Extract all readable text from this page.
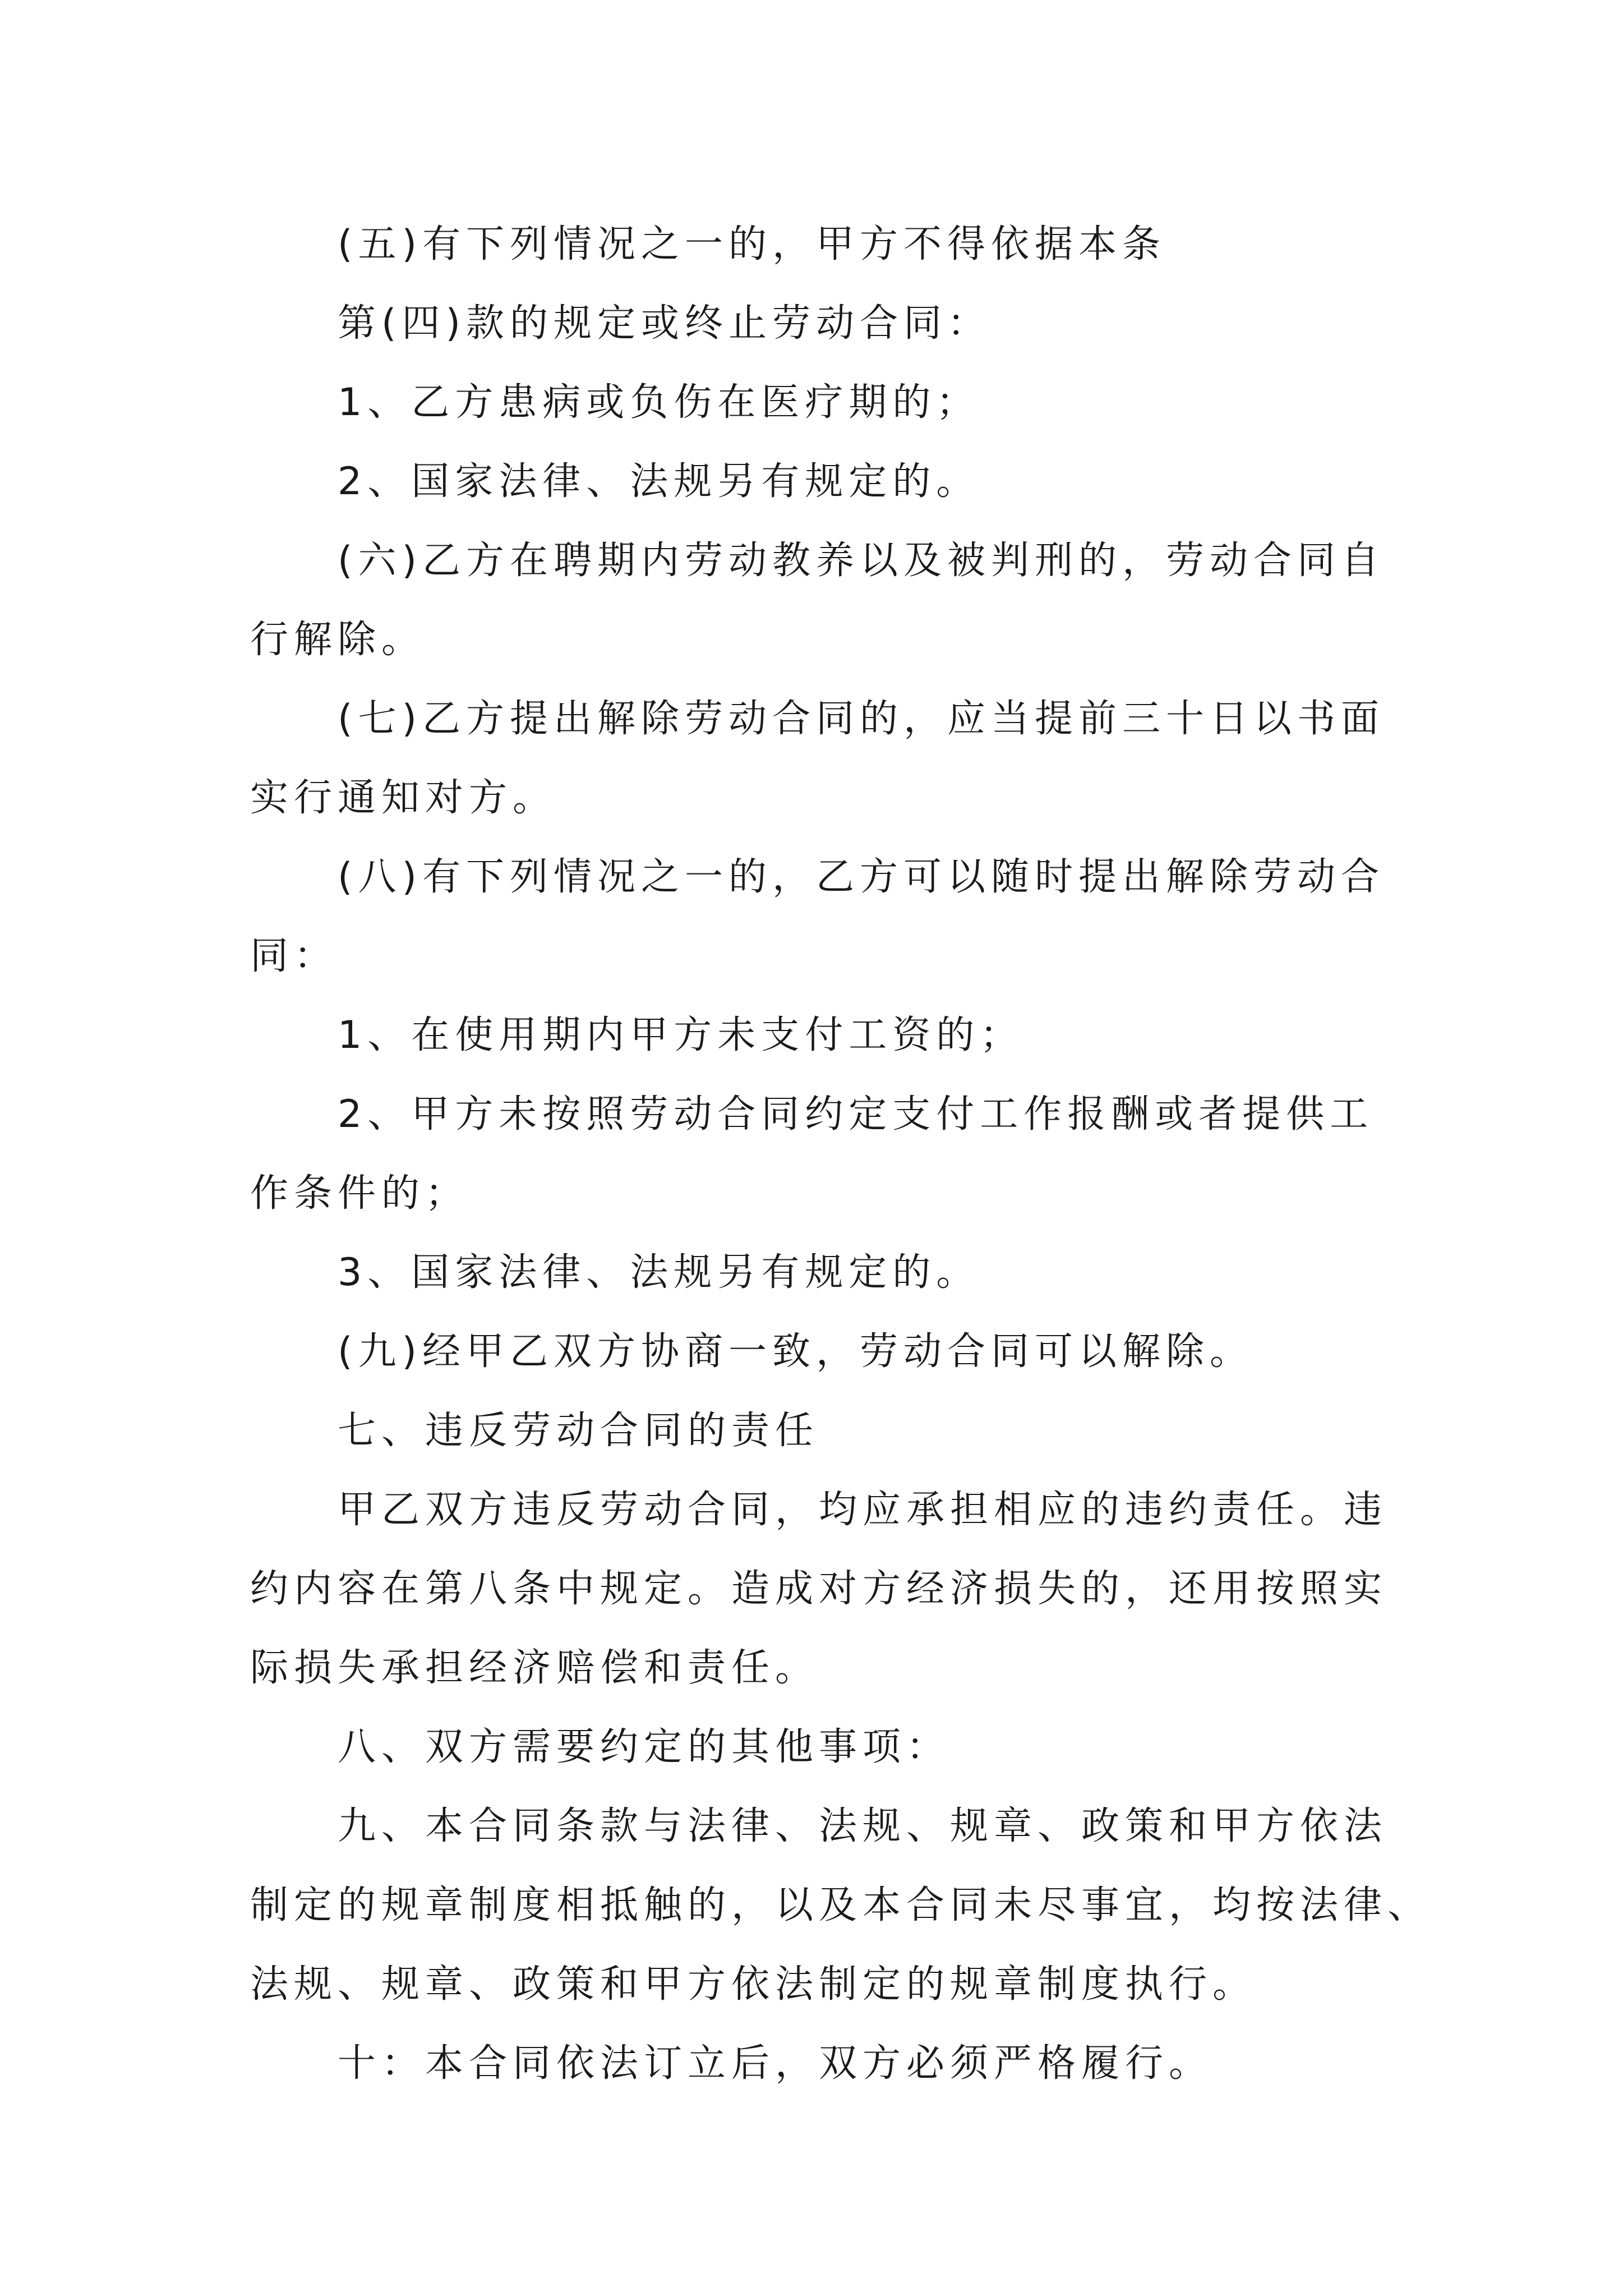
(五)有下列情况之一的，甲方不得依据本条
第(四)款的规定或终止劳动合同：
1、乙方患病或负伤在医疗期的；
2、国家法律、法规另有规定的。
(六)乙方在聘期内劳动教养以及被判刑的，劳动合同自
行解除。
(七)乙方提出解除劳动合同的，应当提前三十日以书面
实行通知对方。
(八)有下列情况之一的，乙方可以随时提出解除劳动合
同：
1、在使用期内甲方未支付工资的；
2、甲方未按照劳动合同约定支付工作报酬或者提供工
作条件的；
3、国家法律、法规另有规定的。
(九)经甲乙双方协商一致，劳动合同可以解除。
七、违反劳动合同的责任
甲乙双方违反劳动合同，均应承担相应的违约责任。违
约内容在第八条中规定。造成对方经济损失的，还用按照实
际损失承担经济赔偿和责任。
八、双方需要约定的其他事项：
九、本合同条款与法律、法规、规章、政策和甲方依法
制定的规章制度相抵触的，以及本合同未尽事宜，均按法律、
法规、规章、政策和甲方依法制定的规章制度执行。
十：本合同依法订立后，双方必须严格履行。
